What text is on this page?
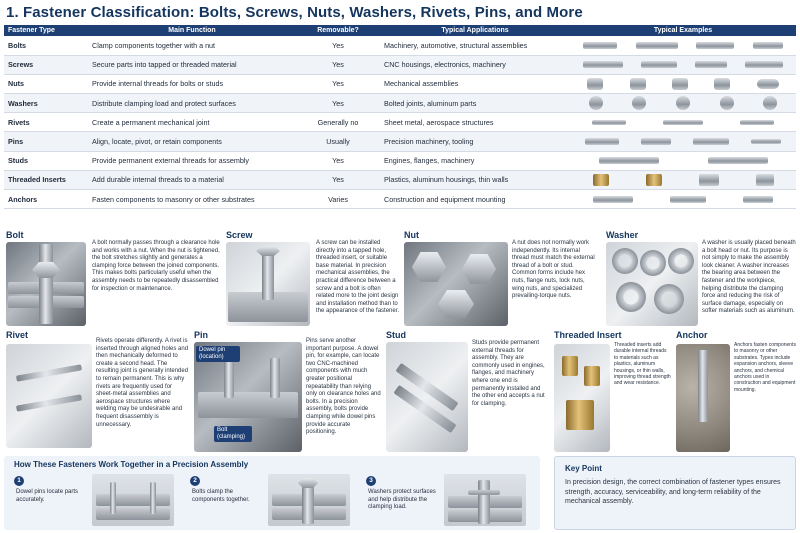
1. Fastener Classification: Bolts, Screws, Nuts, Washers, Rivets, Pins, and More
Fastener Type	Main Function	Removable?	Typical Applications	Typical Examples
Bolts	Clamp components together with a nut	Yes	Machinery, automotive, structural assemblies	

Screws	Secure parts into tapped or threaded material	Yes	CNC housings, electronics, machinery	

Nuts	Provide internal threads for bolts or studs	Yes	Mechanical assemblies	

Washers	Distribute clamping load and protect surfaces	Yes	Bolted joints, aluminum parts	

Rivets	Create a permanent mechanical joint	Generally no	Sheet metal, aerospace structures	

Pins	Align, locate, pivot, or retain components	Usually	Precision machinery, tooling	

Studs	Provide permanent external threads for assembly	Yes	Engines, flanges, machinery	

Threaded Inserts	Add durable internal threads to a material	Yes	Plastics, aluminum housings, thin walls	

Anchors	Fasten components to masonry or other substrates	Varies	Construction and equipment mounting	
Bolt
A bolt normally passes through a clearance hole and works with a nut. When the nut is tightened, the bolt stretches slightly and generates a clamping force between the joined components. This makes bolts particularly useful when the assembly needs to be repeatedly disassembled for inspection or maintenance.
Screw
A screw can be installed directly into a tapped hole, threaded insert, or suitable base material. In precision mechanical assemblies, the practical difference between a screw and a bolt is often related more to the joint design and installation method than to the appearance of the fastener.
Nut
A nut does not normally work independently. Its internal thread must match the external thread of a bolt or stud. Common forms include hex nuts, flange nuts, lock nuts, wing nuts, and specialized prevailing-torque nuts.
Washer
A washer is usually placed beneath a bolt head or nut. Its purpose is not simply to make the assembly look cleaner. A washer increases the bearing area between the fastener and the workpiece, helping distribute the clamping force and reducing the risk of surface damage, especially on softer materials such as aluminum.
Rivet
Rivets operate differently. A rivet is inserted through aligned holes and then mechanically deformed to create a second head. The resulting joint is generally intended to remain permanent. This is why rivets are frequently used for sheet-metal assemblies and aerospace structures where welding may be undesirable and frequent disassembly is unnecessary.
Pin
Dowel pin (location)
Bolt (clamping)
Pins serve another important purpose. A dowel pin, for example, can locate two CNC-machined components with much greater positional repeatability than relying only on clearance holes and bolts. In a precision assembly, bolts provide clamping while dowel pins provide accurate positioning.
Stud
Studs provide permanent external threads for assembly. They are commonly used in engines, flanges, and machinery where one end is permanently installed and the other end accepts a nut for clamping.
Threaded Insert
Threaded inserts add durable internal threads to materials such as plastics, aluminum housings, or thin walls, improving thread strength and wear resistance.
Anchor
Anchors fasten components to masonry or other substrates. Types include expansion anchors, sleeve anchors, and chemical anchors used in construction and equipment mounting.
How These Fasteners Work Together in a Precision Assembly
1
Dowel pins locate parts accurately.
2
Bolts clamp the components together.
3
Washers protect surfaces and help distribute the clamping load.
Key Point
In precision design, the correct combination of fastener types ensures strength, accuracy, serviceability, and long-term reliability of the mechanical assembly.
